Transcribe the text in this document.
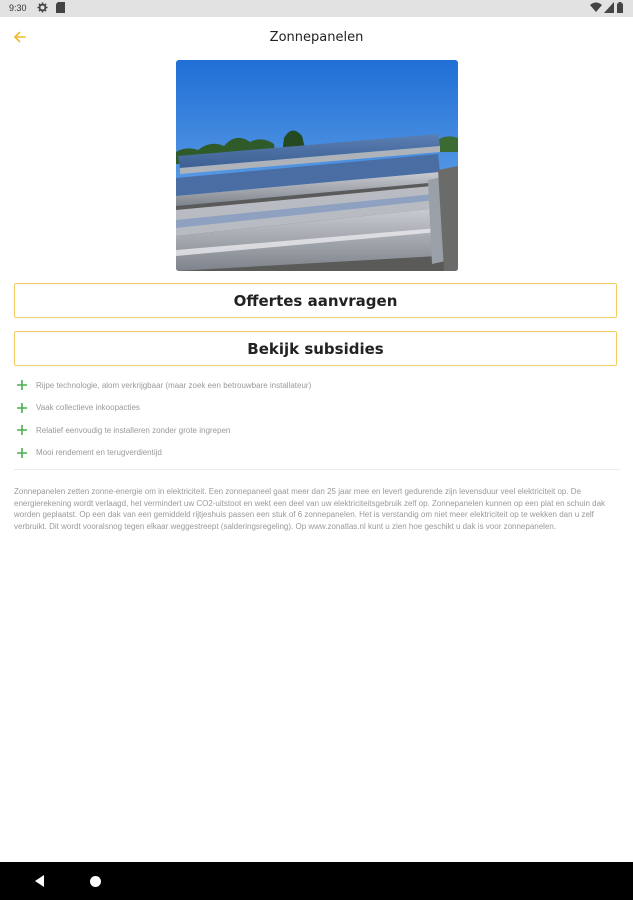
9:30
Zonnepanelen
Offertes aanvragen
Bekijk subsidies
Rijpe technologie, alom verkrijgbaar (maar zoek een betrouwbare installateur)
Vaak collectieve inkoopacties
Relatief eenvoudig te installeren zonder grote ingrepen
Mooi rendement en terugverdientijd

Zonnepanelen zetten zonne-energie om in elektriciteit. Een zonnepaneel gaat meer dan 25 jaar mee en levert gedurende zijn levensduur veel elektriciteit op. De energierekening wordt verlaagd, het vermindert uw CO2-uitstoot en wekt een deel van uw elektriciteitsgebruik zelf op. Zonnepanelen kunnen op een plat en schuin dak worden geplaatst. Op een dak van een gemiddeld rijtjeshuis passen een stuk of 6 zonnepanelen. Het is verstandig om niet meer elektriciteit op te wekken dan u zelf verbruikt. Dit wordt vooralsnog tegen elkaar weggestreept (salderingsregeling). Op www.zonatlas.nl kunt u zien hoe geschikt u dak is voor zonnepanelen.
